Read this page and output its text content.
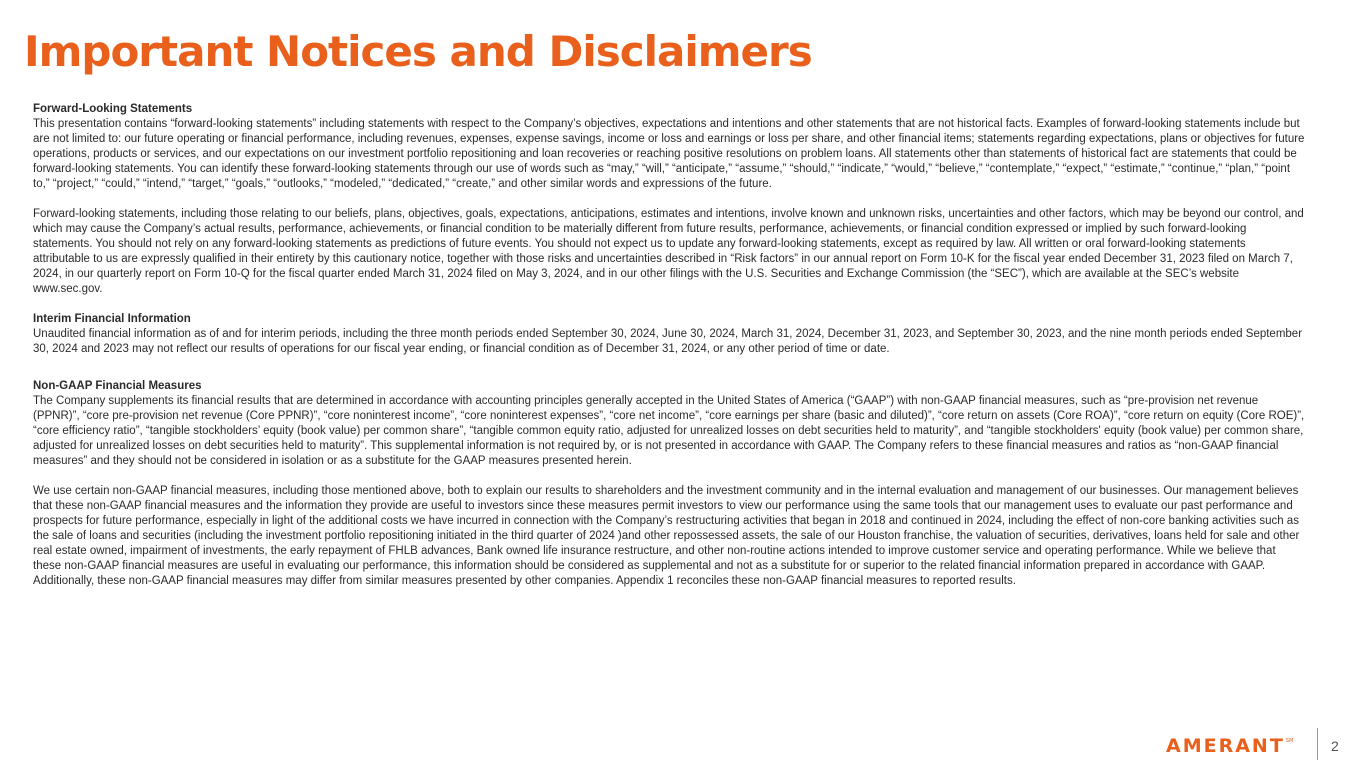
Important Notices and Disclaimers
Forward-Looking Statements

This presentation contains “forward-looking statements” including statements with respect to the Company’s objectives, expectations and intentions and other statements that are not historical facts. Examples of forward-looking statements include but are not limited to: our future operating or financial performance, including revenues, expenses, expense savings, income or loss and earnings or loss per share, and other financial items; statements regarding expectations, plans or objectives for future operations, products or services, and our expectations on our investment portfolio repositioning and loan recoveries or reaching positive resolutions on problem loans. All statements other than statements of historical fact are statements that could be forward-looking statements. You can identify these forward-looking statements through our use of words such as “may,” “will,” “anticipate,” “assume,” “should,” “indicate,” “would,” “believe,” “contemplate,” “expect,” “estimate,” “continue,” “plan,” “point to,” “project,” “could,” “intend,” “target,” “goals,” “outlooks,” “modeled,” “dedicated,” “create,” and other similar words and expressions of the future.

Forward-looking statements, including those relating to our beliefs, plans, objectives, goals, expectations, anticipations, estimates and intentions, involve known and unknown risks, uncertainties and other factors, which may be beyond our control, and which may cause the Company’s actual results, performance, achievements, or financial condition to be materially different from future results, performance, achievements, or financial condition expressed or implied by such forward-looking statements. You should not rely on any forward-looking statements as predictions of future events. You should not expect us to update any forward-looking statements, except as required by law. All written or oral forward-looking statements attributable to us are expressly qualified in their entirety by this cautionary notice, together with those risks and uncertainties described in “Risk factors” in our annual report on Form 10-K for the fiscal year ended December 31, 2023 filed on March 7, 2024, in our quarterly report on Form 10-Q for the fiscal quarter ended March 31, 2024 filed on May 3, 2024, and in our other filings with the U.S. Securities and Exchange Commission (the “SEC”), which are available at the SEC’s website www.sec.gov.

Interim Financial Information

Unaudited financial information as of and for interim periods, including the three month periods ended September 30, 2024, June 30, 2024, March 31, 2024, December 31, 2023, and September 30, 2023, and the nine month periods ended September 30, 2024 and 2023 may not reflect our results of operations for our fiscal year ending, or financial condition as of December 31, 2024, or any other period of time or date.

Non-GAAP Financial Measures

The Company supplements its financial results that are determined in accordance with accounting principles generally accepted in the United States of America (“GAAP”) with non-GAAP financial measures, such as “pre-provision net revenue (PPNR)”, “core pre-provision net revenue (Core PPNR)”, “core noninterest income”, “core noninterest expenses”, “core net income”, “core earnings per share (basic and diluted)”, “core return on assets (Core ROA)”, “core return on equity (Core ROE)”, “core efficiency ratio”, “tangible stockholders’ equity (book value) per common share”, “tangible common equity ratio, adjusted for unrealized losses on debt securities held to maturity”, and “tangible stockholders' equity (book value) per common share, adjusted for unrealized losses on debt securities held to maturity”. This supplemental information is not required by, or is not presented in accordance with GAAP. The Company refers to these financial measures and ratios as “non-GAAP financial measures” and they should not be considered in isolation or as a substitute for the GAAP measures presented herein.

We use certain non-GAAP financial measures, including those mentioned above, both to explain our results to shareholders and the investment community and in the internal evaluation and management of our businesses. Our management believes that these non-GAAP financial measures and the information they provide are useful to investors since these measures permit investors to view our performance using the same tools that our management uses to evaluate our past performance and prospects for future performance, especially in light of the additional costs we have incurred in connection with the Company’s restructuring activities that began in 2018 and continued in 2024, including the effect of non-core banking activities such as the sale of loans and securities (including the investment portfolio repositioning initiated in the third quarter of 2024 )and other repossessed assets, the sale of our Houston franchise, the valuation of securities, derivatives, loans held for sale and other real estate owned, impairment of investments, the early repayment of FHLB advances, Bank owned life insurance restructure, and other non-routine actions intended to improve customer service and operating performance. While we believe that these non-GAAP financial measures are useful in evaluating our performance, this information should be considered as supplemental and not as a substitute for or superior to the related financial information prepared in accordance with GAAP. Additionally, these non-GAAP financial measures may differ from similar measures presented by other companies. Appendix 1 reconciles these non-GAAP financial measures to reported results.

AMERANT SM	2
